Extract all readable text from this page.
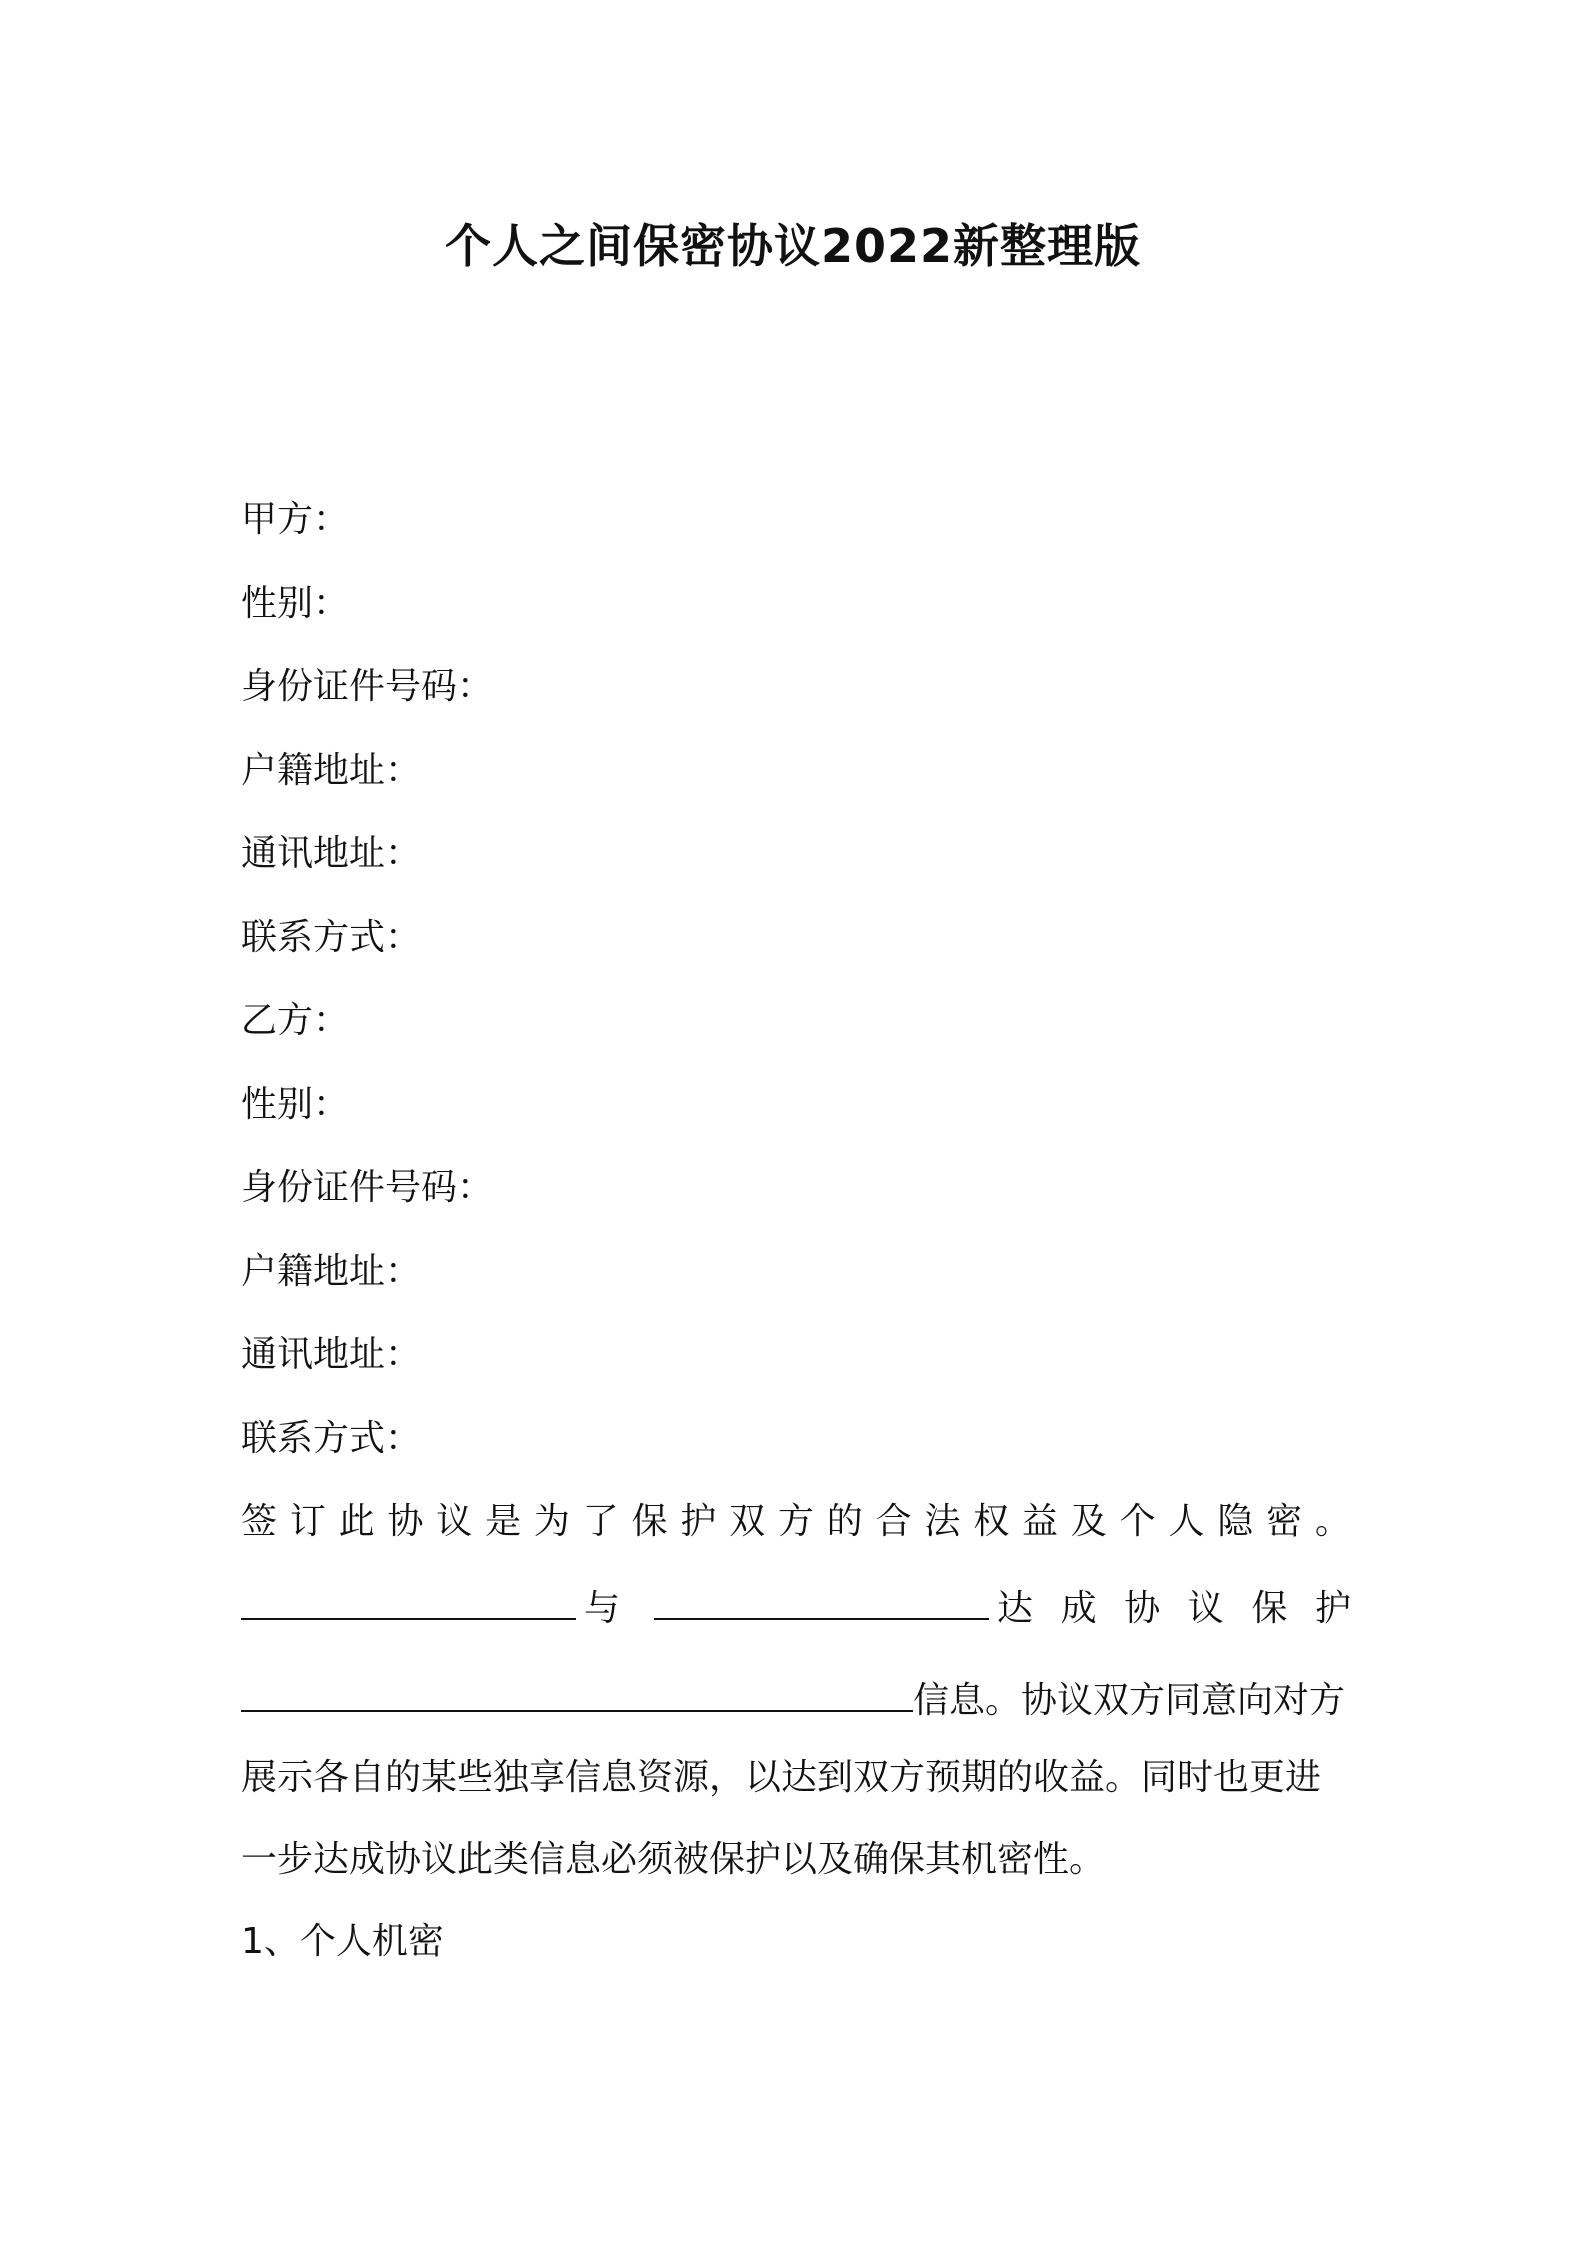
个人之间保密协议2022新整理版
甲方：
性别：
身份证件号码：
户籍地址：
通讯地址：
联系方式：
乙方：
性别：
身份证件号码：
户籍地址：
通讯地址：
联系方式：
签 订 此 协 议 是 为 了 保 护 双 方 的 合 法 权 益 及 个 人 隐 密 。
与	达 成 协 议 保 护
信息。协议双方同意向对方
展示各自的某些独享信息资源，以达到双方预期的收益。同时也更进
一步达成协议此类信息必须被保护以及确保其机密性。
1、个人机密
